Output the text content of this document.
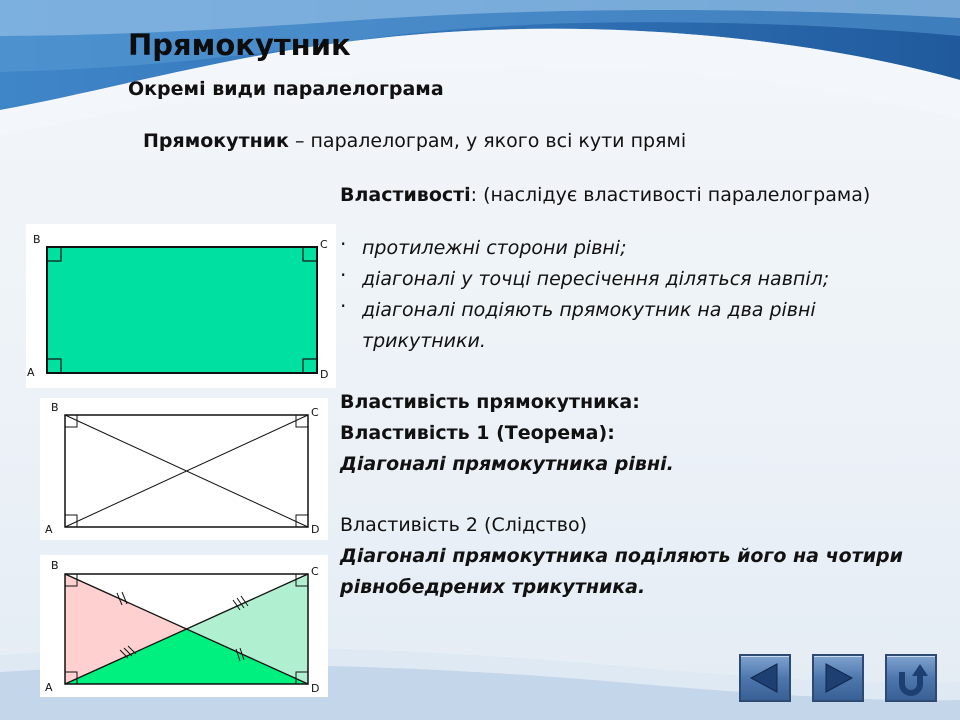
Прямокутник
Окремі види паралелограма
Прямокутник – паралелограм, у якого всі кути прямі
Властивості: (наслідує властивості паралелограма)
· протилежні сторони рівні;
· діагоналі у точці пересічення діляться навпіл;
· діагоналі подіяють прямокутник на два рівні трикутники.
Властивість прямокутника:
Властивість 1 (Теорема):
Діагоналі прямокутника рівні.
Властивість 2 (Слідство)
Діагоналі прямокутника поділяють його на чотири рівнобедрених трикутника.
B	C
A	D
B	C
A	D
B	C
A	D
